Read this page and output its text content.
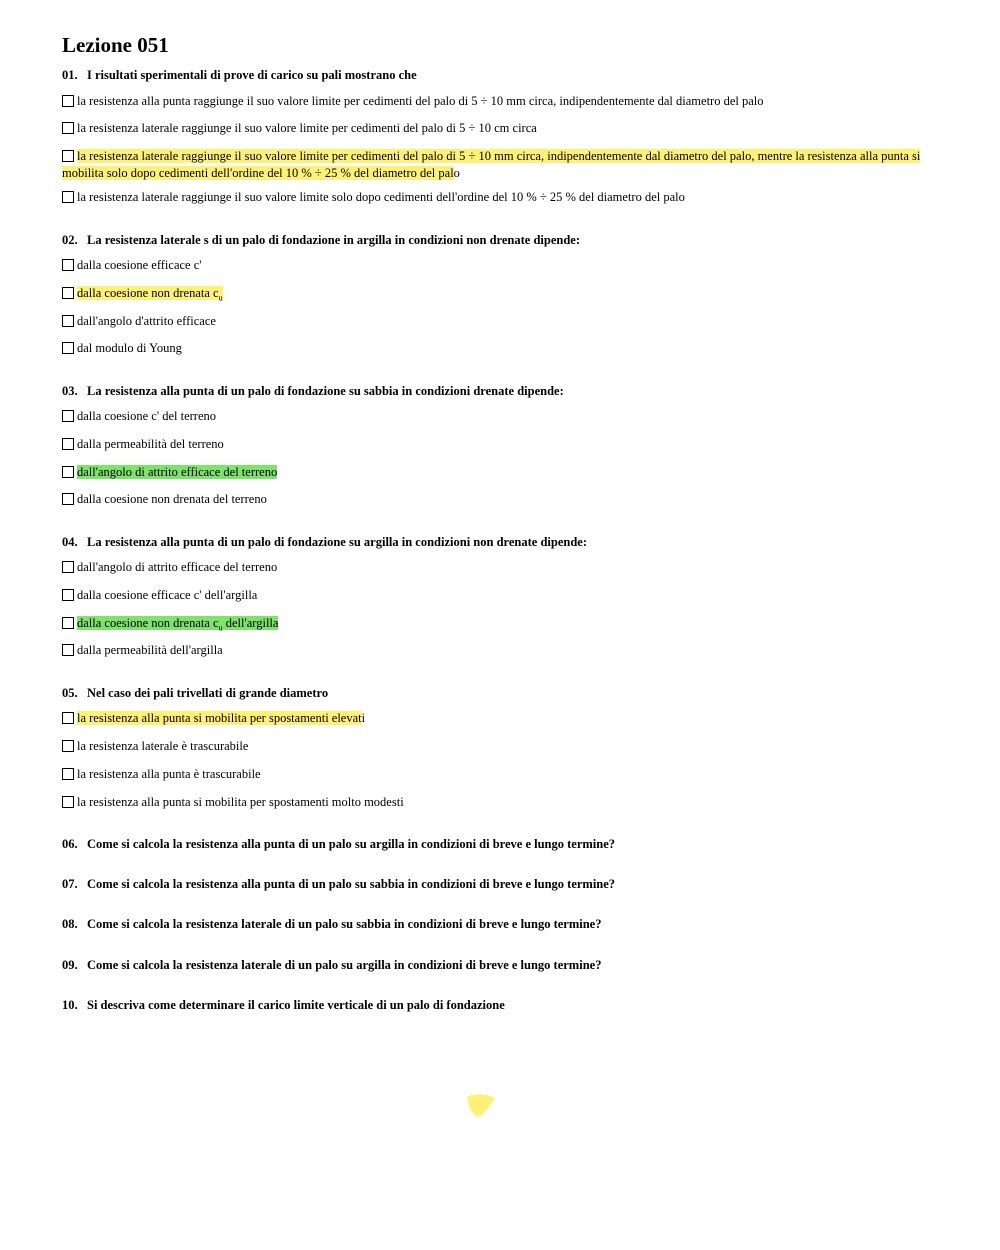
Lezione 051
01. I risultati sperimentali di prove di carico su pali mostrano che
la resistenza alla punta raggiunge il suo valore limite per cedimenti del palo di 5 ÷ 10 mm circa, indipendentemente dal diametro del palo
la resistenza laterale raggiunge il suo valore limite per cedimenti del palo di 5 ÷ 10 cm circa
la resistenza laterale raggiunge il suo valore limite per cedimenti del palo di 5 ÷ 10 mm circa, indipendentemente dal diametro del palo, mentre la resistenza alla punta si mobilita solo dopo cedimenti dell'ordine del 10 % ÷ 25 % del diametro del palo
la resistenza laterale raggiunge il suo valore limite solo dopo cedimenti dell'ordine del 10 % ÷ 25 % del diametro del palo
02. La resistenza laterale s di un palo di fondazione in argilla in condizioni non drenate dipende:
dalla coesione efficace c'
dalla coesione non drenata $c_u$
dall'angolo d'attrito efficace
dal modulo di Young
03. La resistenza alla punta di un palo di fondazione su sabbia in condizioni drenate dipende:
dalla coesione c' del terreno
dalla permeabilità del terreno
dall'angolo di attrito efficace del terreno
dalla coesione non drenata del terreno
04. La resistenza alla punta di un palo di fondazione su argilla in condizioni non drenate dipende:
dall'angolo di attrito efficace del terreno
dalla coesione efficace c' dell'argilla
dalla coesione non drenata $c_u$ dell'argilla
dalla permeabilità dell'argilla
05. Nel caso dei pali trivellati di grande diametro
la resistenza alla punta si mobilita per spostamenti elevati
la resistenza laterale è trascurabile
la resistenza alla punta è trascurabile
la resistenza alla punta si mobilita per spostamenti molto modesti
06. Come si calcola la resistenza alla punta di un palo su argilla in condizioni di breve e lungo termine?
07. Come si calcola la resistenza alla punta di un palo su sabbia in condizioni di breve e lungo termine?
08. Come si calcola la resistenza laterale di un palo su sabbia in condizioni di breve e lungo termine?
09. Come si calcola la resistenza laterale di un palo su argilla in condizioni di breve e lungo termine?
10. Si descriva come determinare il carico limite verticale di un palo di fondazione
